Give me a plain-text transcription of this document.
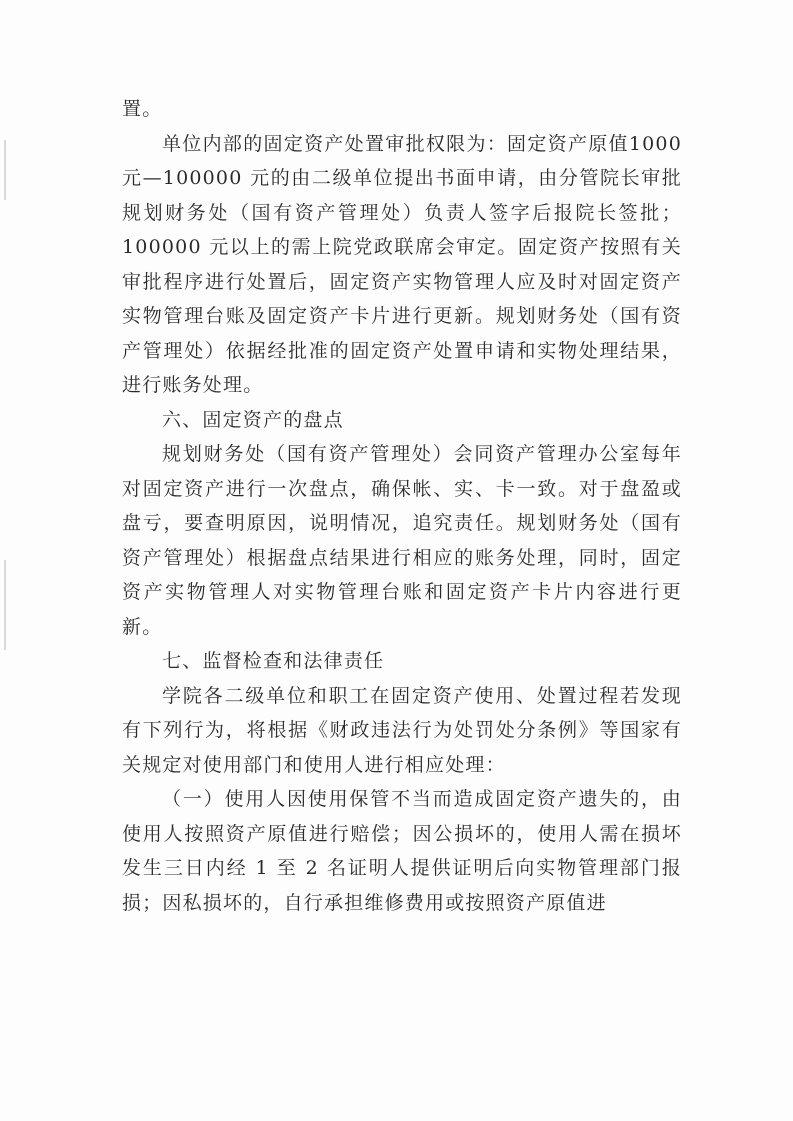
置。

单位内部的固定资产处置审批权限为：固定资产原值1000 元—100000 元的由二级单位提出书面申请，由分管院长审批规划财务处（国有资产管理处）负责人签字后报院长签批；100000 元以上的需上院党政联席会审定。固定资产按照有关审批程序进行处置后，固定资产实物管理人应及时对固定资产实物管理台账及固定资产卡片进行更新。规划财务处（国有资产管理处）依据经批准的固定资产处置申请和实物处理结果，进行账务处理。

六、固定资产的盘点

规划财务处（国有资产管理处）会同资产管理办公室每年对固定资产进行一次盘点，确保帐、实、卡一致。对于盘盈或盘亏，要查明原因，说明情况，追究责任。规划财务处（国有资产管理处）根据盘点结果进行相应的账务处理，同时，固定资产实物管理人对实物管理台账和固定资产卡片内容进行更新。

七、监督检查和法律责任

学院各二级单位和职工在固定资产使用、处置过程若发现有下列行为，将根据《财政违法行为处罚处分条例》等国家有关规定对使用部门和使用人进行相应处理：

（一）使用人因使用保管不当而造成固定资产遗失的，由使用人按照资产原值进行赔偿；因公损坏的，使用人需在损坏发生三日内经 1 至 2 名证明人提供证明后向实物管理部门报损；因私损坏的，自行承担维修费用或按照资产原值进
